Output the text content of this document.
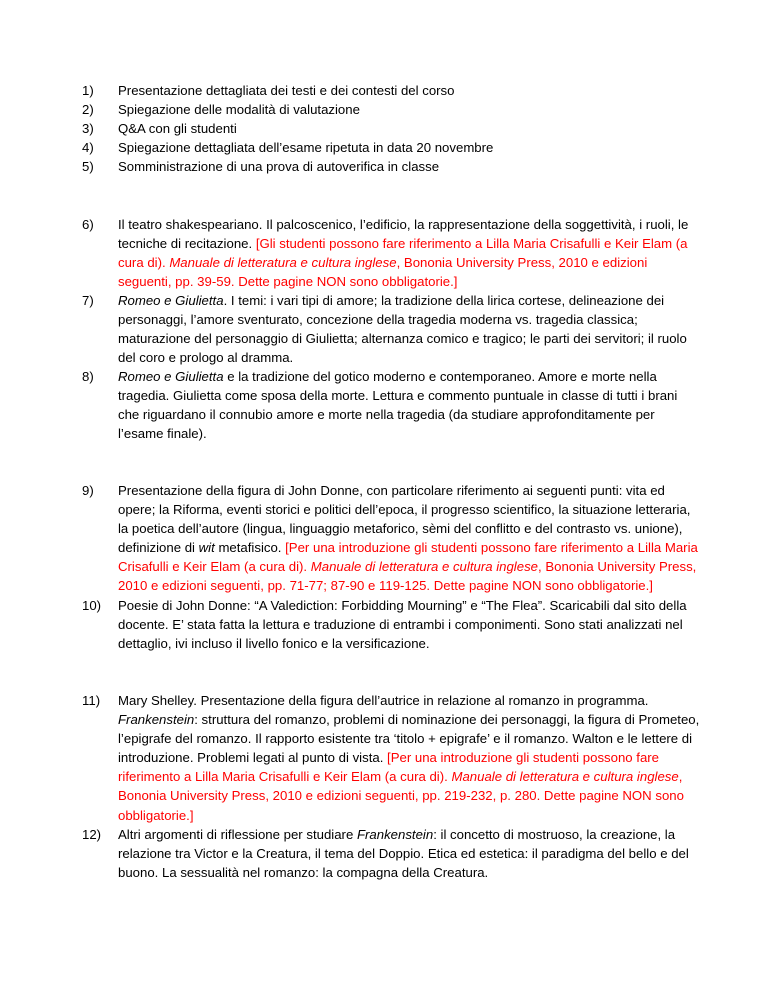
1)	Presentazione dettagliata dei testi e dei contesti del corso
2)	Spiegazione delle modalità di valutazione
3)	Q&A con gli studenti
4)	Spiegazione dettagliata dell’esame ripetuta in data 20 novembre
5)	Somministrazione di una prova di autoverifica in classe
6)	Il teatro shakespeariano. Il palcoscenico, l’edificio, la rappresentazione della soggettività, i ruoli, le tecniche di recitazione. [Gli studenti possono fare riferimento a Lilla Maria Crisafulli e Keir Elam (a cura di). Manuale di letteratura e cultura inglese, Bononia University Press, 2010 e edizioni seguenti, pp. 39-59. Dette pagine NON sono obbligatorie.]
7)	Romeo e Giulietta. I temi: i vari tipi di amore; la tradizione della lirica cortese, delineazione dei personaggi, l’amore sventurato, concezione della tragedia moderna vs. tragedia classica; maturazione del personaggio di Giulietta; alternanza comico e tragico; le parti dei servitori; il ruolo del coro e prologo al dramma.
8)	Romeo e Giulietta e la tradizione del gotico moderno e contemporaneo. Amore e morte nella tragedia. Giulietta come sposa della morte. Lettura e commento puntuale in classe di tutti i brani che riguardano il connubio amore e morte nella tragedia (da studiare approfonditamente per l’esame finale).
9)	Presentazione della figura di John Donne, con particolare riferimento ai seguenti punti: vita ed opere; la Riforma, eventi storici e politici dell’epoca, il progresso scientifico, la situazione letteraria, la poetica dell’autore (lingua, linguaggio metaforico, sèmi del conflitto e del contrasto vs. unione), definizione di wit metafisico. [Per una introduzione gli studenti possono fare riferimento a Lilla Maria Crisafulli e Keir Elam (a cura di). Manuale di letteratura e cultura inglese, Bononia University Press, 2010 e edizioni seguenti, pp. 71-77; 87-90 e 119-125. Dette pagine NON sono obbligatorie.]
10)	Poesie di John Donne: “A Valediction: Forbidding Mourning” e “The Flea”. Scaricabili dal sito della docente. E’ stata fatta la lettura e traduzione di entrambi i componimenti. Sono stati analizzati nel dettaglio, ivi incluso il livello fonico e la versificazione.
11)	Mary Shelley. Presentazione della figura dell’autrice in relazione al romanzo in programma. Frankenstein: struttura del romanzo, problemi di nominazione dei personaggi, la figura di Prometeo, l’epigrafe del romanzo. Il rapporto esistente tra ‘titolo + epigrafe’ e il romanzo. Walton e le lettere di introduzione. Problemi legati al punto di vista. [Per una introduzione gli studenti possono fare riferimento a Lilla Maria Crisafulli e Keir Elam (a cura di). Manuale di letteratura e cultura inglese, Bononia University Press, 2010 e edizioni seguenti, pp. 219-232, p. 280. Dette pagine NON sono obbligatorie.]
12)	Altri argomenti di riflessione per studiare Frankenstein: il concetto di mostruoso, la creazione, la relazione tra Victor e la Creatura, il tema del Doppio. Etica ed estetica: il paradigma del bello e del buono. La sessualità nel romanzo: la compagna della Creatura.
